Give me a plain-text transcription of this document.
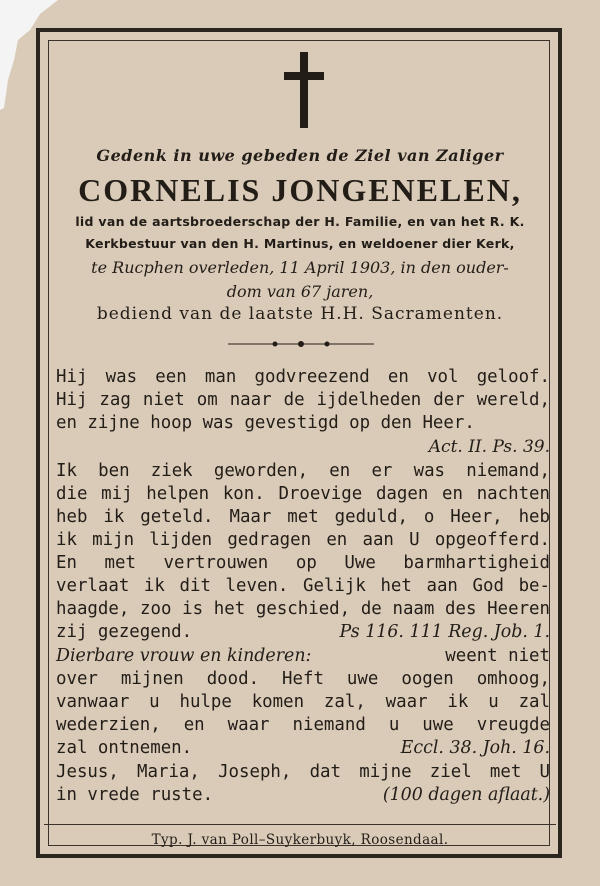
Gedenk in uwe gebeden de Ziel van Zaliger
CORNELIS JONGENELEN,
lid van de aartsbroederschap der H. Familie, en van het R. K.
Kerkbestuur van den H. Martinus, en weldoener dier Kerk,
te Rucphen overleden, 11 April 1903, in den ouder-
dom van 67 jaren,
bediend van de laatste H.H. Sacramenten.
Hij was een man godvreezend en vol geloof.
Hij zag niet om naar de ijdelheden der wereld,
en zijne hoop was gevestigd op den Heer.
Act. II. Ps. 39.
Ik ben ziek geworden, en er was niemand,
die mij helpen kon. Droevige dagen en nachten
heb ik geteld. Maar met geduld, o Heer, heb
ik mijn lijden gedragen en aan U opgeofferd.
En met vertrouwen op Uwe barmhartigheid
verlaat ik dit leven. Gelijk het aan God be-
haagde, zoo is het geschied, de naam des Heeren
zij gezegend.	Ps 116. 111 Reg. Job. 1.
Dierbare vrouw en kinderen:	weent niet
over mijnen dood. Heft uwe oogen omhoog,
vanwaar u hulpe komen zal, waar ik u zal
wederzien, en waar niemand u uwe vreugde
zal ontnemen.	Eccl. 38. Joh. 16.
Jesus, Maria, Joseph, dat mijne ziel met U
in vrede ruste.	(100 dagen aflaat.)
Typ. J. van Poll–Suykerbuyk, Roosendaal.
